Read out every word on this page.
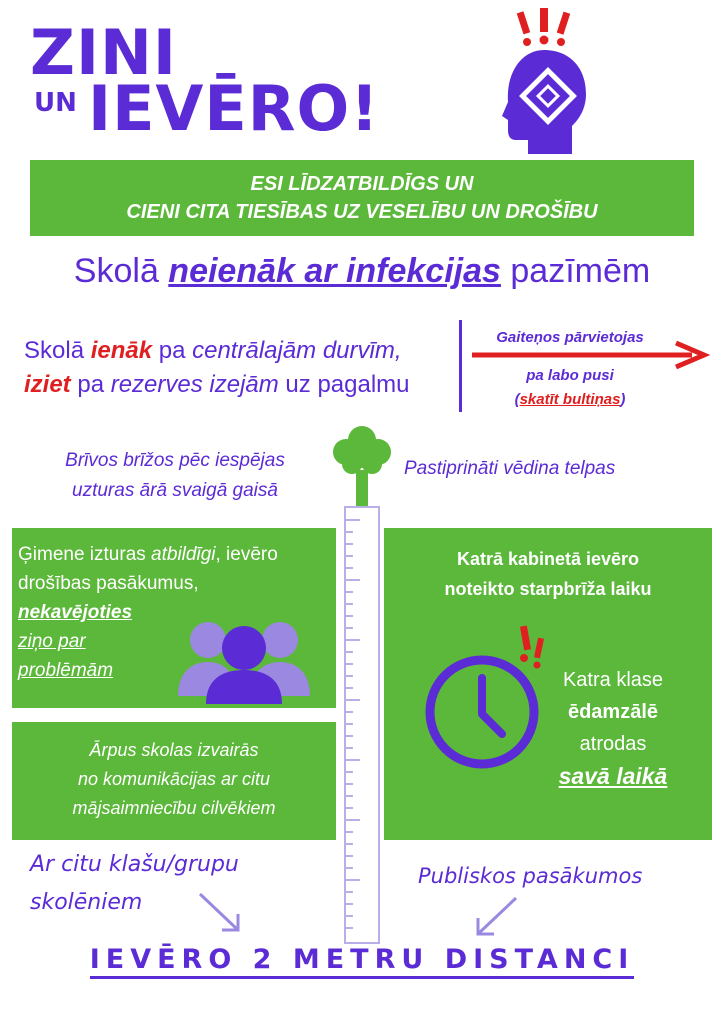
ZINI
UN IEVĒRO!
ESI LĪDZATBILDĪGS UN
CIENI CITA TIESĪBAS UZ VESELĪBU UN DROŠĪBU
Skolā neienāk ar infekcijas pazīmēm
Skolā ienāk pa centrālajām durvīm,
iziet pa rezerves izejām uz pagalmu
Gaiteņos pārvietojas
pa labo pusi
(skatīt bultiņas)
Brīvos brīžos pēc iespējas
uzturas ārā svaigā gaisā
Pastiprināti vēdina telpas
Ģimene izturas atbildīgi, ievēro
drošības pasākumus,
nekavējoties
ziņo par
problēmām
Ārpus skolas izvairās
no komunikācijas ar citu
mājsaimniecību cilvēkiem
Katrā kabinetā ievēro
noteikto starpbrīža laiku
Katra klase
ēdamzālē
atrodas
savā laikā
Ar citu klašu/grupu
skolēniem
Publiskos pasākumos
IEVĒRO 2 METRU DISTANCI
